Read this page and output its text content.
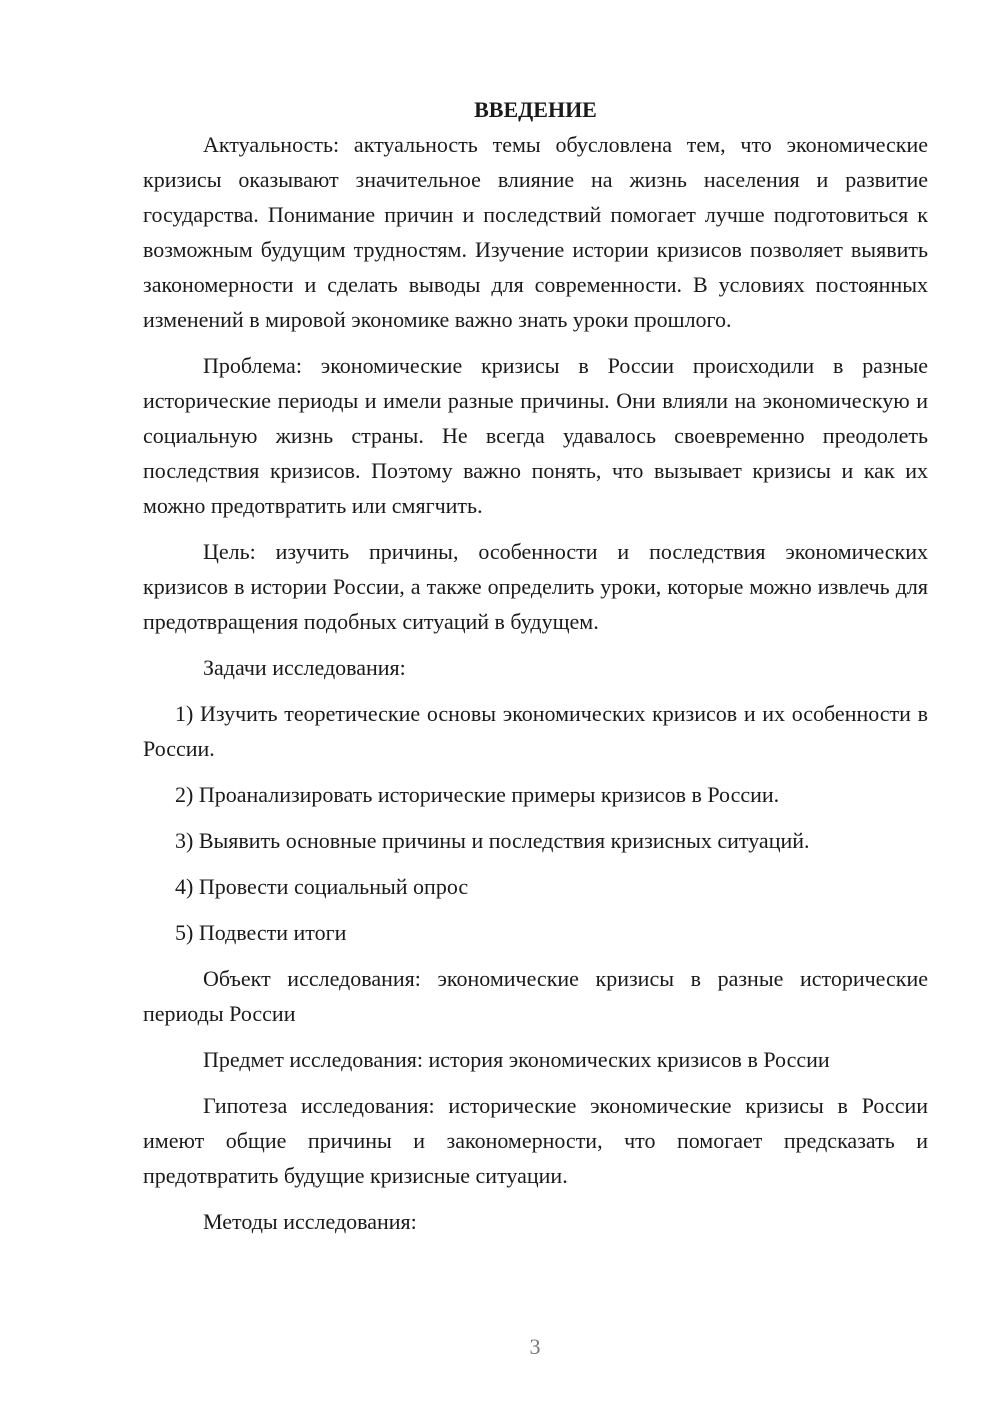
ВВЕДЕНИЕ

Актуальность: актуальность темы обусловлена тем, что экономические кризисы оказывают значительное влияние на жизнь населения и развитие государства. Понимание причин и последствий помогает лучше подготовиться к возможным будущим трудностям. Изучение истории кризисов позволяет выявить закономерности и сделать выводы для современности. В условиях постоянных изменений в мировой экономике важно знать уроки прошлого.

Проблема: экономические кризисы в России происходили в разные исторические периоды и имели разные причины. Они влияли на экономическую и социальную жизнь страны. Не всегда удавалось своевременно преодолеть последствия кризисов. Поэтому важно понять, что вызывает кризисы и как их можно предотвратить или смягчить.

Цель: изучить причины, особенности и последствия экономических кризисов в истории России, а также определить уроки, которые можно извлечь для предотвращения подобных ситуаций в будущем.

Задачи исследования:

1) Изучить теоретические основы экономических кризисов и их особенности в России.

2) Проанализировать исторические примеры кризисов в России.

3) Выявить основные причины и последствия кризисных ситуаций.

4) Провести социальный опрос

5) Подвести итоги

Объект исследования: экономические кризисы в разные исторические периоды России

Предмет исследования: история экономических кризисов в России

Гипотеза исследования: исторические экономические кризисы в России имеют общие причины и закономерности, что помогает предсказать и предотвратить будущие кризисные ситуации.

Методы исследования:

3
